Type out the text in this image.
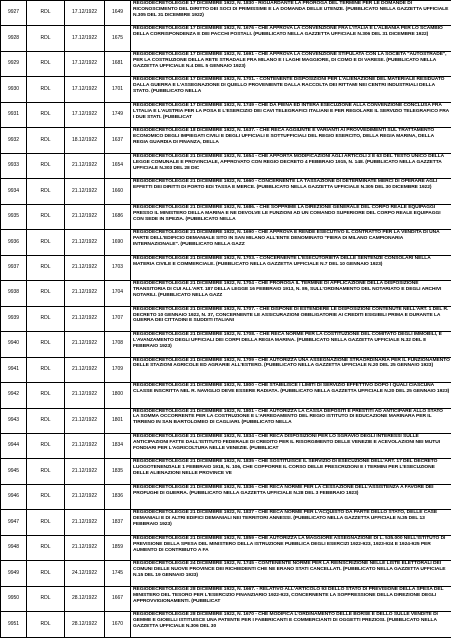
9927	RDL	17.12/1922	1649	REGIODECRETOLEGGE 17 DICEMBRE 1922, N. 1830 - RIGUARDANTE LA PROROGA DEL TERMINE PER LE DOMANDE DI RICONOSCIMENTO DEL DIRITTO DEI SOCI DI PRIMISSIME E LA DOMANDA DELLE UTENZE. (PUBBLICATO NELLA GAZZETTA UFFICIALE N.305 DEL 31 DICEMBRE 1922)
9928	RDL	17.12/1922	1675	REGIODECRETOLEGGE 17 DICEMBRE 1922, N. 1676 - CHE APPROVA LA CONVENZIONE FRA L'ITALIA E L'ALBANIA PER LO SCAMBIO DELLA CORRISPONDENZA E DEI PACCHI POSTALI. (PUBBLICATO NELLA GAZZETTA UFFICIALE N.306 DEL 31 DICEMBRE 1922)
9929	RDL	17.12/1922	1681	REGIODECRETOLEGGE 17 DICEMBRE 1922, N. 1691 - CHE APPROVA LA CONVENZIONE STIPULATA CON LA SOCIETA "AUTOSTRADE", PER LA COSTRUZIONE DELLA RETE STRADALE FRA MILANO E I LAGHI MAGGIORE, DI COMO E DI VARESE. (PUBBLICATO NELLA GAZZETTA UFFICIALE N.4 DEL 5 GENNAIO 1923)
9930	RDL	17.12/1922	1701	REGIODECRETOLEGGE 17 DICEMBRE 1922, N. 1701. - CONTENENTE DISPOSIZIONI PER L'ALIENAZIONE DEL MATERIALE RESIDUATO DALLA GUERRA E L'ASSEGNAZIONE DI QUELLO PROVENIENTE DALLA RACCOLTA DEI RITTAMI NEI CENTRI INDUSTRIALI DELLA STATO. (PUBBLICATO NELLA
9931	RDL	17.12/1922	1749	REGIODECRETOLEGGE 17 DICEMBRE 1922, N. 1749 - CHE DA PIENA ED INTERA ESECUZIONE ALLA CONVENZIONE CONCLUSA FRA L'ITALIA E L'AUSTRIA PER LA POSA E L'ESERCIZIO DEI CAVI TELEGRAFICI ITALIANI E PER REGOLARE IL SERVIZIO TELEGRAFICO FRA I DUE STATI. (PUBBLICAT
9932	RDL	18.12/1922	1637	REGIODECRETOLEGGE 18 DICEMBRE 1922, N. 1637. - CHE RECA AGGIUNTE E VARIANTI AI PROVVEDIMENTI SUL TRATTAMENTO ECONOMICO DEGLI IMPIEGATI CIVILI E DEGLI UFFICIALI E SOTTUFFICIALI DEL REGIO ESERCITO, DELLA REGIA MARINA, DELLA REGIA GUARDIA DI FINANZA, DELLA
9933	RDL	21.12/1922	1654	REGIODECRETOLEGGE 21 DICEMBRE 1922, N. 1654 - CHE APPORTA MODIFICAZIONI AGLI ARTICOLI 2 E 63 DEL TESTO UNICO DELLA LEGGE COMUNALE E PROVINCIALE, APPROVATO CON REGIO DECRETO 4 FEBBRAIO 1915, N. 148. (PUBBLICATO NELLA GAZZETTA UFFICIALE N.303 DEL 28 DIC
9934	RDL	21.12/1922	1660	REGIODECRETOLEGGE 21 DICEMBRE 1922, N. 1660 - CONCERNENTE LA TASSAZIONE DI DETERMINATE MERCI DI OPERARE AGLI EFFETTI DEI DIRITTI DI PORTO EDI TASSA E MERCE. (PUBBLICATO NELLA GAZZETTA UFFICIALE N.305 DEL 30 DICEMBRE 1922)
9935	RDL	21.12/1922	1686	REGIODECRETOLEGGE 21 DICEMBRE 1922, N. 1686. - CHE SOPPRIME LA DIREZIONE GENERALE DEL CORPO REALE EQUIPAGGI PRESSO IL MINISTERO DELLA MARINA E NE DEVOLVE LE FUNZIONI AD UN COMANDO SUPERIORE DEL CORPO REALE EQUIPAGGI CON SEDE IN SPEZIA. (PUBBLICATO NELLA
9936	RDL	21.12/1922	1690	REGIODECRETOLEGGE 21 DICEMBRE 1922, N. 1690 - CHE APPROVA E RENDE ESECUTIVO IL CONTRATTO PER LA VENDITA DI UNA PARTE DELL'EDIFICIO DEMANIALE SITO IN SAN MILANO ALL'ENTE DENOMINATO "FIERA DI MILANO CAMPIONARIA INTERNAZIONALE". (PUBBLICATO NELLA GAZZ
9937	RDL	21.12/1922	1703	REGIODECRETOLEGGE 21 DICEMBRE 1922, N. 1703. - CONCERNENTE L'ESECUTORIETA DELLE SENTENZE CONSOLARI NELLA MATERIA CIVILE E COMMERCIALE. (PUBBLICATO NELLA GAZZETTA UFFICIALE N.7 DEL 10 GENNAIO 1923)
9938	RDL	21.12/1922	1704	REGIODECRETOLEGGE 21 DICEMBRE 1922, N. 1704 - CHE PROROGA IL TERMINE DI APPLICAZIONE DELLA DISPOSIZIONE TRANSITORIA DI CUI ALL'ART. 187 DELLA LEGGE 16 FEBBRAIO 1913, N. 89, SULL'ORDINAMENTO DEL NOTARIATO E DEGLI ARCHIVI NOTARILI. (PUBBLICATO NELLA GAZZ
9939	RDL	21.12/1922	1707	REGIODECRETOLEGGE 21 DICEMBRE 1922, N. 1707. - CHE DISPONE DI ESTENDERE LE DISPOSIZIONI CONTENUTE NELL'ART. 1 DEL R. DECRETO 10 GENNAIO 1922, N. 37, CONCERNENTE LE ASSICURAZIONI OBBLIGATORIE AI CREDITI ESIGIBILI PRIMA E DURANTE LA GUERRA DEI CITTADINI E SUDDITI ITALIANI
9940	RDL	21.12/1922	1708	REGIODECRETOLEGGE 21 DICEMBRE 1922, N. 1708. - CHE RECA NORME PER LA COSTITUZIONE DEL COMITATO DEGLI IMMOBILI, E L'AVANZAMENTO DEGLI UFFICIALI DEI CORPI DELLA REGIA MARINA. (PUBBLICATO NELLA GAZZETTA UFFICIALE N.32 DEL 8 FEBBRAIO 1923)
9941	RDL	21.12/1922	1709	REGIODECRETOLEGGE 21 DICEMBRE 1922, N. 1709 - CHE AUTORIZZA UNA ASSEGNAZIONE STRAORDINARIA PER IL FUNZIONAMENTO DELLE STAZIONI AGRICOLE ED AGRARIE ALL'ESTERO. (PUBBLICATO NELLA GAZZETTA UFFICIALE N.20 DEL 25 GENNAIO 1923)
9942	RDL	21.12/1922	1800	REGIODECRETOLEGGE 21 DICEMBRE 1922, N. 1800 - CHE STABILISCE I LIMITI DI SERVIZIO EFFETTIVO DOPO I QUALI CIASCUNA CLASSE INSCRITTA NEL R. NAVIGLIO DEVE ESSERE RADIATA. (PUBBLICATO NELLA GAZZETTA UFFICIALE N.20 DEL 25 GENNAIO 1923)
9943	RDL	21.12/1922	1801	REGIODECRETOLEGGE 21 DICEMBRE 1922, N. 1801 - CHE AUTORIZZA LA CASSA DEPOSITI E PRESTITI AD ANTICIPARE ALLO STATO LA SOMMA OCCORRENTE PER LA COSTRUZIONE E L'ARREDAMENTO DEL REGIO ISTITUTO DI EDUCAZIONE MARINARA PER IL TIRRENO IN SAN BARTOLOMEO DI CAGLIARI. (PUBBLICATO NELLA
9944	RDL	21.12/1922	1834	REGIODECRETOLEGGE 21 DICEMBRE 1922, N. 1834 - CHE RECA DISPOSIZIONI PER LO SGRAVIO DEGLI INTERESSI SULLE ANTICIPAZIONI FATTE DALL'ISTITUTO FEDERALE DI CREDITO PER IL RISORGIMENTO DELLE VENEZIE E ACEVOLAZIONI NEI MUTUI FONDIARI PER L'AGRICOLTURA NELLE VENEZIE. (PUBBLICAT
9945	RDL	21.12/1922	1835	REGIODECRETOLEGGE 21 DICEMBRE 1922, N. 1835 - CHE SOSTITUISCE IL SERVIZIO DI ESECUZIONE DELL'ART. 17 DEL DECRETO LUOGOTENENZIALE 1 FEBBRAIO 1918, N. 106, CHE COPPORRE IL CORSO DELLE PRESCRIZIONI E I TERMINI PER L'ESECUZIONE DELLE ALIENAZIONI NELLE PROVINCE VE
9946	RDL	21.12/1922	1836	REGIODECRETOLEGGE 21 DICEMBRE 1922, N. 1836 - CHE RECA NORME PER LA CESSAZIONE DELL'ASSISTENZA A FAVORE DEI PROFUGHI DI GUERRA. (PUBBLICATO NELLA GAZZETTA UFFICIALE N.28 DEL 3 FEBBRAIO 1923)
9947	RDL	21.12/1922	1837	REGIODECRETOLEGGE 21 DICEMBRE 1922, N. 1837 - CHE RECA NORME PER L'ACQUISTO DA PARTE DELLO STATO, DELLE CASE DEMANIALI E DI ALTRI EDIFICI DEMANIALI NEI TERRITORI ANNESSI. (PUBBLICATO NELLA GAZZETTA UFFICIALE N.35 DEL 13 FEBBRAIO 1923)
9948	RDL	21.12/1922	1859	REGIODECRETOLEGGE 21 DICEMBRE 1922, N. 1859 - CHE AUTORIZZA LA MAGGIORE ASSEGNAZIONE DI L. 535.000 NELL'ISTITUTO DI PREVISIONE DELLA SPESA DEL MINISTERO DELLA ISTRUZIONE PUBBLICA DEGLI ESERCIZI 1922-923, 1923-924 E 1924-925 PER AUMENTO DI CONTRIBUTO A FA
9949	RDL	24.12/1922	1745	REGIODECRETOLEGGE 24 DICEMBRE 1922, N. 1745 - CONTENENTE NORME PER LA REINSCRIZIONE NELLE LISTE ELETTORALI DEI COMUNI DELLE NUOVE PROVINCE DEI RICHIEDENTI CHE NE ERANO STATI CANCELLATI. (PUBBLICATO NELLA GAZZETTA UFFICIALE N.15 DEL 19 GENNAIO 1923)
9950	RDL	28.12/1922	1667	REGIODECRETOLEGGE 28 DICEMBRE 1922, N. 1667. - RELATIVO ALL'ARTICOLO 93 DELLO STATO DI PREVISIONE DELLA SPESA DEL MINISTERO DEL TESORO PER L'ESERCIZIO FINANZIARIO 1922-923, CONCERNENTE LA SOPPRESSIONE DELLA DIREZIONE DEGLI APPROVVIGIONAMENTI. (PUBBLICAT
9951	RDL	28.12/1922	1670	REGIODECRETOLEGGE 28 DICEMBRE 1922, N. 1670 - CHE MODIFICA L'ORDINAMENTO DELLE BORSE E DELLO SULLE VENDITE DI GEMME E GIOIELLI ISTITUISCE UNA PATENTE PER I FABBRICANTI E COMMERCIANTI DI OGGETTI PREZIOSI. (PUBBLICATO NELLA GAZZETTA UFFICIALE N.306 DEL 30
